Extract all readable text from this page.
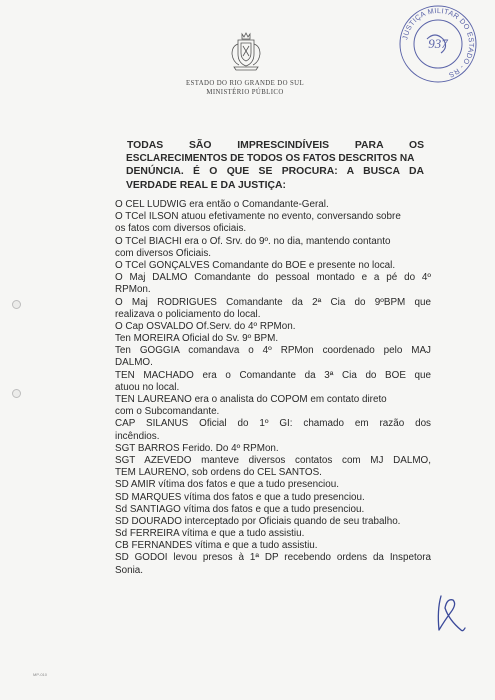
ESTADO DO RIO GRANDE DO SUL
MINISTÉRIO PÚBLICO
JUSTIÇA MILITAR DO ESTADO - RS
937
TODAS SÃO IMPRESCINDÍVEIS PARA OS
ESCLARECIMENTOS DE TODOS OS FATOS DESCRITOS NA
DENÚNCIA. É O QUE SE PROCURA: A BUSCA DA
VERDADE REAL E DA JUSTIÇA:
O CEL LUDWIG era então o Comandante-Geral.
O TCel ILSON atuou efetivamente no evento, conversando sobre
os fatos com diversos oficiais.
O TCel BIACHI era o Of. Srv. do 9º. no dia, mantendo contanto
com diversos Oficiais.
O TCel GONÇALVES Comandante do BOE e presente no local.
O Maj DALMO Comandante do pessoal montado e a pé do 4º
RPMon.
O Maj RODRIGUES Comandante da 2ª Cia do 9ºBPM que
realizava o policiamento do local.
O Cap OSVALDO Of.Serv. do 4º RPMon.
Ten MOREIRA Oficial do Sv. 9º BPM.
Ten GÓGGIA comandava o 4º RPMon coordenado pelo MAJ
DALMO.
TEN MACHADO era o Comandante da 3ª Cia do BOE que
atuou no local.
TEN LAUREANO era o analista do COPOM em contato direto
com o Subcomandante.
CAP SILANUS Oficial do 1º GI: chamado em razão dos
incêndios.
SGT BARROS Ferido. Do 4º RPMon.
SGT AZEVEDO manteve diversos contatos com MJ DALMO,
TEM LAURENO, sob ordens do CEL SANTOS.
SD AMIR vítima dos fatos e que a tudo presenciou.
SD MARQUES vítima dos fatos e que a tudo presenciou.
Sd SANTIAGO vítima dos fatos e que a tudo presenciou.
SD DOURADO interceptado por Oficiais quando de seu trabalho.
Sd FERREIRA vítima e que a tudo assistiu.
CB FERNANDES vítima e que a tudo assistiu.
SD GODÓI levou presos à 1ª DP recebendo ordens da Inspetora
Sonia.
MP-010
